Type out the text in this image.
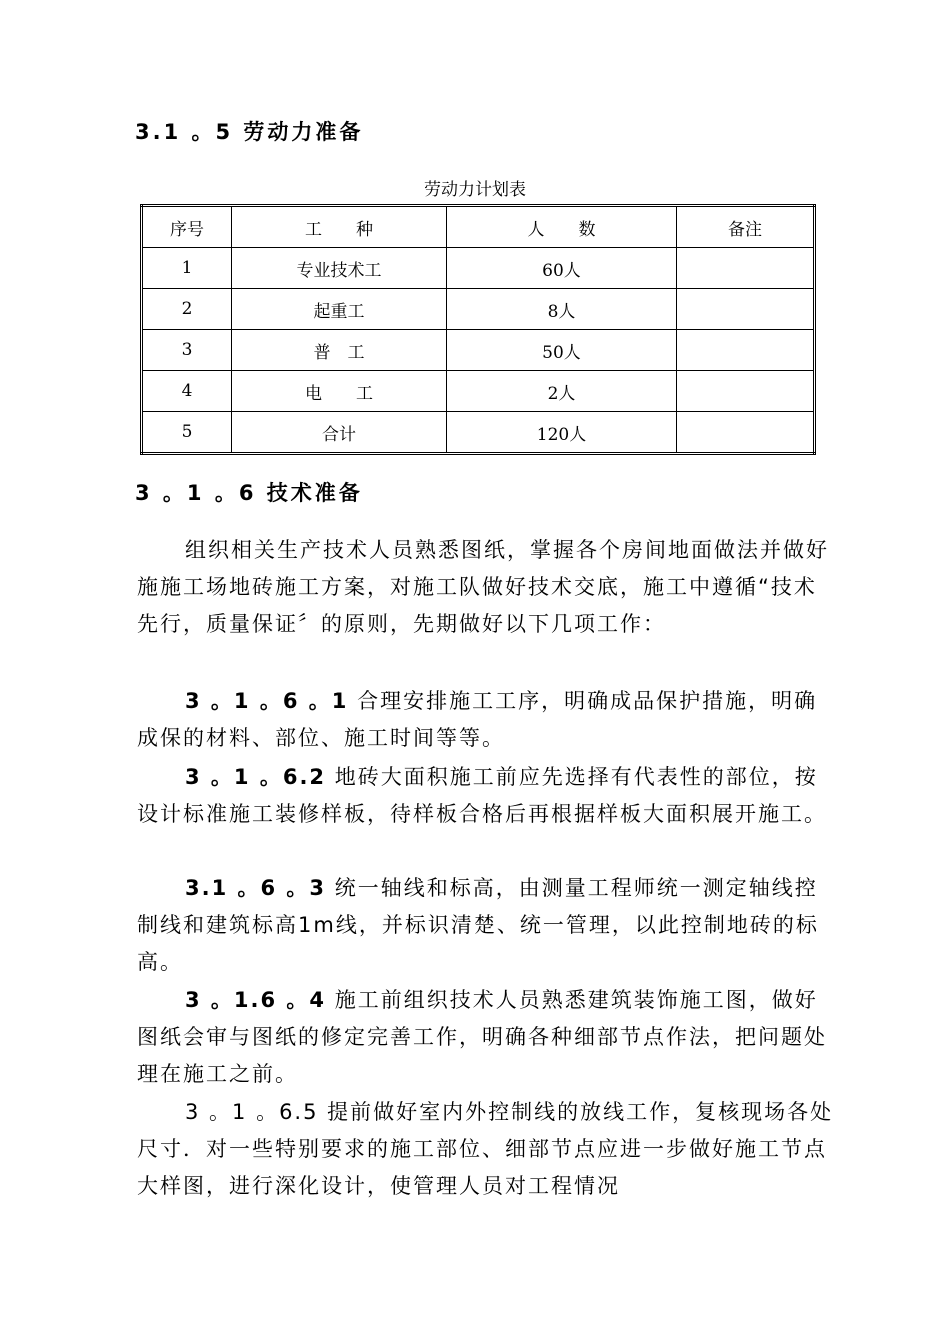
3.1 。5 劳动力准备
劳动力计划表
序号	工　　种	人　　数	备注
1	专业技术工	60人	
2	起重工	8人	
3	普　工	50人	
4	电　　工	2人	
5	合计	120人	
3 。1 。6 技术准备

组织相关生产技术人员熟悉图纸，掌握各个房间地面做法并做好施施工场地砖施工方案，对施工队做好技术交底，施工中遵循“技术先行，质量保证〞的原则，先期做好以下几项工作：

3 。1 。6 。1 合理安排施工工序，明确成品保护措施，明确成保的材料、部位、施工时间等等。

3 。1 。6.2 地砖大面积施工前应先选择有代表性的部位，按设计标准施工装修样板，待样板合格后再根据样板大面积展开施工。

3.1 。6 。3 统一轴线和标高，由测量工程师统一测定轴线控制线和建筑标高1m线，并标识清楚、统一管理，以此控制地砖的标高。

3 。1.6 。4 施工前组织技术人员熟悉建筑装饰施工图，做好图纸会审与图纸的修定完善工作，明确各种细部节点作法，把问题处理在施工之前。

3 。1 。6.5 提前做好室内外控制线的放线工作，复核现场各处尺寸．对一些特别要求的施工部位、细部节点应进一步做好施工节点大样图，进行深化设计，使管理人员对工程情况
